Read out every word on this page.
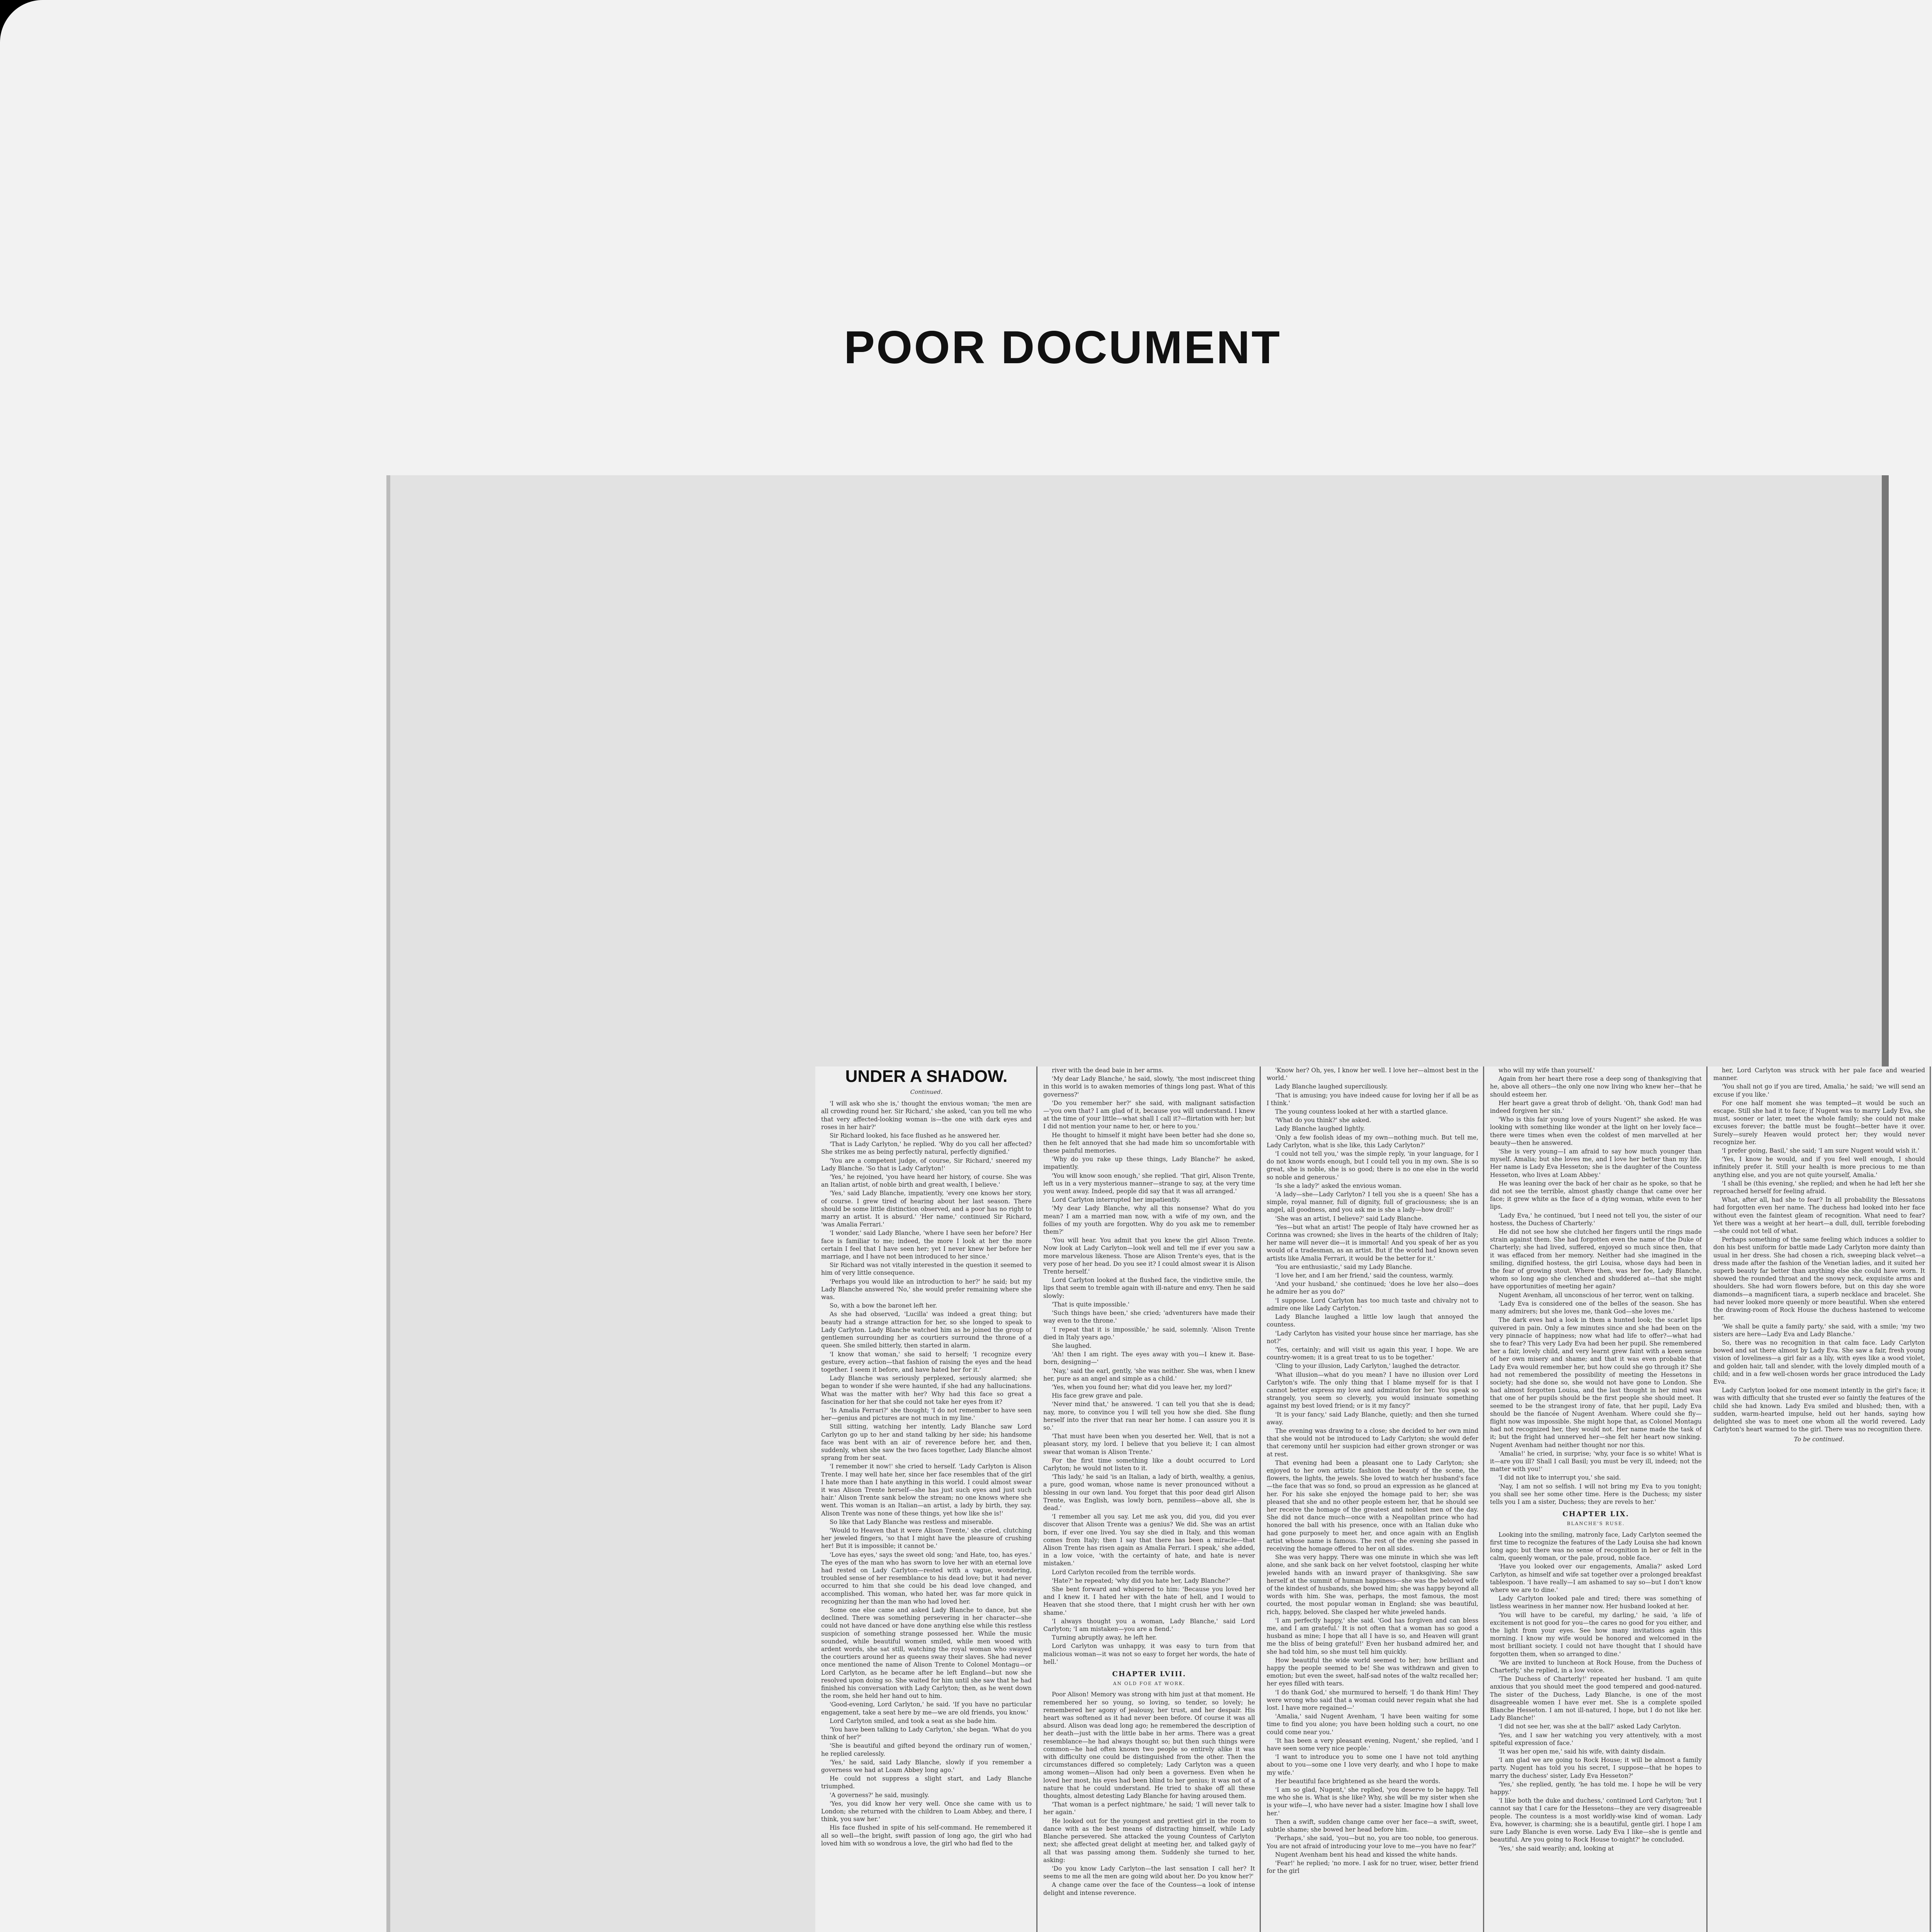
POOR DOCUMENT
UNDER A SHADOW.
Continued.

'I will ask who she is,' thought the envious woman; 'the men are all crowding round her. Sir Richard,' she asked, 'can you tell me who that very affected-looking woman is—the one with dark eyes and roses in her hair?'

Sir Richard looked, his face flushed as he answered her.

'That is Lady Carlyton,' he replied. 'Why do you call her affected? She strikes me as being perfectly natural, perfectly dignified.'

'You are a competent judge, of course, Sir Richard,' sneered my Lady Blanche. 'So that is Lady Carlyton!'

'Yes,' he rejoined, 'you have heard her history, of course. She was an Italian artist, of noble birth and great wealth, I believe.'

'Yes,' said Lady Blanche, impatiently, 'every one knows her story, of course. I grew tired of hearing about her last season. There should be some little distinction observed, and a poor has no right to marry an artist. It is absurd.' 'Her name,' continued Sir Richard, 'was Amalia Ferrari.'

'I wonder,' said Lady Blanche, 'where I have seen her before? Her face is familiar to me; indeed, the more I look at her the more certain I feel that I have seen her; yet I never knew her before her marriage, and I have not been introduced to her since.'

Sir Richard was not vitally interested in the question it seemed to him of very little consequence.

'Perhaps you would like an introduction to her?' he said; but my Lady Blanche answered 'No,' she would prefer remaining where she was.

So, with a bow the baronet left her.

As she had observed, 'Lucilla' was indeed a great thing; but beauty had a strange attraction for her, so she longed to speak to Lady Carlyton. Lady Blanche watched him as he joined the group of gentlemen surrounding her as courtiers surround the throne of a queen. She smiled bitterly, then started in alarm.

'I know that woman,' she said to herself; 'I recognize every gesture, every action—that fashion of raising the eyes and the head together. I seem it before, and have hated her for it.'

Lady Blanche was seriously perplexed, seriously alarmed; she began to wonder if she were haunted, if she had any hallucinations. What was the matter with her? Why had this face so great a fascination for her that she could not take her eyes from it?

'Is Amalia Ferrari?' she thought; 'I do not remember to have seen her—genius and pictures are not much in my line.'

Still sitting, watching her intently, Lady Blanche saw Lord Carlyton go up to her and stand talking by her side; his handsome face was bent with an air of reverence before her, and then, suddenly, when she saw the two faces together, Lady Blanche almost sprang from her seat.

'I remember it now!' she cried to herself. 'Lady Carlyton is Alison Trente. I may well hate her, since her face resembles that of the girl I hate more than I hate anything in this world. I could almost swear it was Alison Trente herself—she has just such eyes and just such hair.' Alison Trente sank below the stream; no one knows where she went. This woman is an Italian—an artist, a lady by birth, they say. Alison Trente was none of these things, yet how like she is!'

So like that Lady Blanche was restless and miserable.

'Would to Heaven that it were Alison Trente,' she cried, clutching her jeweled fingers, 'so that I might have the pleasure of crushing her! But it is impossible; it cannot be.'

'Love has eyes,' says the sweet old song; 'and Hate, too, has eyes.' The eyes of the man who has sworn to love her with an eternal love had rested on Lady Carlyton—rested with a vague, wondering, troubled sense of her resemblance to his dead love; but it had never occurred to him that she could be his dead love changed, and accomplished. This woman, who hated her, was far more quick in recognizing her than the man who had loved her.

Some one else came and asked Lady Blanche to dance, but she declined. There was something persevering in her character—she could not have danced or have done anything else while this restless suspicion of something strange possessed her. While the music sounded, while beautiful women smiled, while men wooed with ardent words, she sat still, watching the royal woman who swayed the courtiers around her as queens sway their slaves. She had never once mentioned the name of Alison Trente to Colonel Montagu—or Lord Carlyton, as he became after he left England—but now she resolved upon doing so. She waited for him until she saw that he had finished his conversation with Lady Carlyton; then, as he went down the room, she held her hand out to him.

'Good-evening, Lord Carlyton,' he said. 'If you have no particular engagement, take a seat here by me—we are old friends, you know.'

Lord Carlyton smiled, and took a seat as she bade him.

'You have been talking to Lady Carlyton,' she began. 'What do you think of her?'

'She is beautiful and gifted beyond the ordinary run of women,' he replied carelessly.

'Yes,' he said, said Lady Blanche, slowly if you remember a governess we had at Loam Abbey long ago.'

He could not suppress a slight start, and Lady Blanche triumphed.

'A governess?' he said, musingly.

'Yes, you did know her very well. Once she came with us to London; she returned with the children to Loam Abbey, and there, I think, you saw her.'

His face flushed in spite of his self-command. He remembered it all so well—the bright, swift passion of long ago, the girl who had loved him with so wondrous a love, the girl who had fled to the

river with the dead baie in her arms.

'My dear Lady Blanche,' he said, slowly, 'the most indiscreet thing in this world is to awaken memories of things long past. What of this governess?'

'Do you remember her?' she said, with malignant satisfaction—'you own that? I am glad of it, because you will understand. I knew at the time of your little—what shall I call it?—flirtation with her; but I did not mention your name to her, or here to you.'

He thought to himself it might have been better had she done so, then he felt annoyed that she had made him so uncomfortable with these painful memories.

'Why do you rake up these things, Lady Blanche?' he asked, impatiently.

'You will know soon enough,' she replied. 'That girl, Alison Trente, left us in a very mysterious manner—strange to say, at the very time you went away. Indeed, people did say that it was all arranged.'

Lord Carlyton interrupted her impatiently.

'My dear Lady Blanche, why all this nonsense? What do you mean? I am a married man now, with a wife of my own, and the follies of my youth are forgotten. Why do you ask me to remember them?'

'You will hear. You admit that you knew the girl Alison Trente. Now look at Lady Carlyton—look well and tell me if ever you saw a more marvelous likeness. Those are Alison Trente's eyes, that is the very pose of her head. Do you see it? I could almost swear it is Alison Trente herself.'

Lord Carlyton looked at the flushed face, the vindictive smile, the lips that seem to tremble again with ill-nature and envy. Then he said slowly:

'That is quite impossible.'

'Such things have been,' she cried; 'adventurers have made their way even to the throne.'

'I repeat that it is impossible,' he said, solemnly. 'Alison Trente died in Italy years ago.'

She laughed.

'Ah! then I am right. The eyes away with you—I knew it. Base-born, designing—'

'Nay,' said the earl, gently, 'she was neither. She was, when I knew her, pure as an angel and simple as a child.'

'Yes, when you found her; what did you leave her, my lord?'

His face grew grave and pale.

'Never mind that,' he answered. 'I can tell you that she is dead; nay, more, to convince you I will tell you how she died. She flung herself into the river that ran near her home. I can assure you it is so.'

'That must have been when you deserted her. Well, that is not a pleasant story, my lord. I believe that you believe it; I can almost swear that woman is Alison Trente.'

For the first time something like a doubt occurred to Lord Carlyton; he would not listen to it.

'This lady,' he said 'is an Italian, a lady of birth, wealthy, a genius, a pure, good woman, whose name is never pronounced without a blessing in our own land. You forget that this poor dead girl Alison Trente, was English, was lowly born, penniless—above all, she is dead.'

'I remember all you say. Let me ask you, did you, did you ever discover that Alison Trente was a genius? We did. She was an artist born, if ever one lived. You say she died in Italy, and this woman comes from Italy; then I say that there has been a miracle—that Alison Trente has risen again as Amalia Ferrari. I speak,' she added, in a low voice, 'with the certainty of hate, and hate is never mistaken.'

Lord Carlyton recoiled from the terrible words.

'Hate?' he repeated; 'why did you hate her, Lady Blanche?'

She bent forward and whispered to him: 'Because you loved her and I knew it. I hated her with the hate of hell, and I would to Heaven that she stood there, that I might crush her with her own shame.'

'I always thought you a woman, Lady Blanche,' said Lord Carlyton; 'I am mistaken—you are a fiend.'

Turning abruptly away, he left her.

Lord Carlyton was unhappy, it was easy to turn from that malicious woman—it was not so easy to forget her words, the hate of hell.'

CHAPTER LVIII.
AN OLD FOE AT WORK.

Poor Alison! Memory was strong with him just at that moment. He remembered her so young, so loving, so tender, so lovely; he remembered her agony of jealousy, her trust, and her despair. His heart was softened as it had never been before. Of course it was all absurd. Alison was dead long ago; he remembered the description of her death—just with the little babe in her arms. There was a great resemblance—he had always thought so; but then such things were common—he had often known two people so entirely alike it was with difficulty one could be distinguished from the other. Then the circumstances differed so completely; Lady Carlyton was a queen among women—Alison had only been a governess. Even when he loved her most, his eyes had been blind to her genius; it was not of a nature that he could understand. He tried to shake off all these thoughts, almost detesting Lady Blanche for having aroused them.

'That woman is a perfect nightmare,' he said; 'I will never talk to her again.'

He looked out for the youngest and prettiest girl in the room to dance with as the best means of distracting himself, while Lady Blanche persevered. She attacked the young Countess of Carlyton next; she affected great delight at meeting her, and talked gayly of all that was passing among them. Suddenly she turned to her, asking:

'Do you know Lady Carlyton—the last sensation I call her? It seems to me all the men are going wild about her. Do you know her?'

A change came over the face of the Countess—a look of intense delight and intense reverence.

'Know her? Oh, yes, I know her well. I love her—almost best in the world.'

Lady Blanche laughed superciliously.

'That is amusing; you have indeed cause for loving her if all be as I think.'

The young countess looked at her with a startled glance.

'What do you think?' she asked.

Lady Blanche laughed lightly.

'Only a few foolish ideas of my own—nothing much. But tell me, Lady Carlyton, what is she like, this Lady Carlyton?'

'I could not tell you,' was the simple reply, 'in your language, for I do not know words enough, but I could tell you in my own. She is so great, she is noble, she is so good; there is no one else in the world so noble and generous.'

'Is she a lady?' asked the envious woman.

'A lady—she—Lady Carlyton? I tell you she is a queen! She has a simple, royal manner, full of dignity, full of graciousness; she is an angel, all goodness, and you ask me is she a lady—how droll!'

'She was an artist, I believe?' said Lady Blanche.

'Yes—but what an artist! The people of Italy have crowned her as Corinna was crowned; she lives in the hearts of the children of Italy; her name will never die—it is immortal! And you speak of her as you would of a tradesman, as an artist. But if the world had known seven artists like Amalia Ferrari, it would be the better for it.'

'You are enthusiastic,' said my Lady Blanche.

'I love her, and I am her friend,' said the countess, warmly.

'And your husband,' she continued; 'does he love her also—does he admire her as you do?'

'I suppose. Lord Carlyton has too much taste and chivalry not to admire one like Lady Carlyton.'

Lady Blanche laughed a little low laugh that annoyed the countess.

'Lady Carlyton has visited your house since her marriage, has she not?'

'Yes, certainly; and will visit us again this year, I hope. We are country-women; it is a great treat to us to be together.'

'Cling to your illusion, Lady Carlyton,' laughed the detractor.

'What illusion—what do you mean? I have no illusion over Lord Carlyton's wife. The only thing that I blame myself for is that I cannot better express my love and admiration for her. You speak so strangely, you seem so cleverly, you would insinuate something against my best loved friend; or is it my fancy?'

'It is your fancy,' said Lady Blanche, quietly; and then she turned away.

The evening was drawing to a close; she decided to her own mind that she would not be introduced to Lady Carlyton; she would defer that ceremony until her suspicion had either grown stronger or was at rest.

That evening had been a pleasant one to Lady Carlyton; she enjoyed to her own artistic fashion the beauty of the scene, the flowers, the lights, the jewels. She loved to watch her husband's face—the face that was so fond, so proud an expression as he glanced at her. For his sake she enjoyed the homage paid to her; she was pleased that she and no other people esteem her, that he should see her receive the homage of the greatest and noblest men of the day. She did not dance much—once with a Neapolitan prince who had honored the ball with his presence, once with an Italian duke who had gone purposely to meet her, and once again with an English artist whose name is famous. The rest of the evening she passed in receiving the homage offered to her on all sides.

She was very happy. There was one minute in which she was left alone, and she sank back on her velvet footstool, clasping her white jeweled hands with an inward prayer of thanksgiving. She saw herself at the summit of human happiness—she was the beloved wife of the kindest of husbands, she bowed him; she was happy beyond all words with him. She was, perhaps, the most famous, the most courted, the most popular woman in England; she was beautiful, rich, happy, beloved. She clasped her white jeweled hands.

'I am perfectly happy,' she said. 'God has forgiven and can bless me, and I am grateful.' It is not often that a woman has so good a husband as mine; I hope that all I have is so, and Heaven will grant me the bliss of being grateful!' Even her husband admired her, and she had told him, so she must tell him quickly.

How beautiful the wide world seemed to her; how brilliant and happy the people seemed to be! She was withdrawn and given to emotion; but even the sweet, half-sad notes of the waltz recalled her; her eyes filled with tears.

'I do thank God,' she murmured to herself; 'I do thank Him! They were wrong who said that a woman could never regain what she had lost. I have more regained—'

'Amalia,' said Nugent Avenham, 'I have been waiting for some time to find you alone; you have been holding such a court, no one could come near you.'

'It has been a very pleasant evening, Nugent,' she replied, 'and I have seen some very nice people.'

'I want to introduce you to some one I have not told anything about to you—some one I love very dearly, and who I hope to make my wife.'

Her beautiful face brightened as she heard the words.

'I am so glad, Nugent,' she replied, 'you deserve to be happy. Tell me who she is. What is she like? Why, she will be my sister when she is your wife—I, who have never had a sister. Imagine how I shall love her.'

Then a swift, sudden change came over her face—a swift, sweet, subtle shame; she bowed her head before him.

'Perhaps,' she said, 'you—but no, you are too noble, too generous. You are not afraid of introducing your love to me—you have no fear?'

Nugent Avenham bent his head and kissed the white hands.

'Fear!' he replied; 'no more. I ask for no truer, wiser, better friend for the girl

who will my wife than yourself.'

Again from her heart there rose a deep song of thanksgiving that he, above all others—the only one now living who knew her—that he should esteem her.

Her heart gave a great throb of delight. 'Oh, thank God! man had indeed forgiven her sin.'

'Who is this fair young love of yours Nugent?' she asked. He was looking with something like wonder at the light on her lovely face—there were times when even the coldest of men marvelled at her beauty—then he answered.

'She is very young—I am afraid to say how much younger than myself. Amalia; but she loves me, and I love her better than my life. Her name is Lady Eva Hesseton; she is the daughter of the Countess Hesseton, who lives at Loam Abbey.'

He was leaning over the back of her chair as he spoke, so that he did not see the terrible, almost ghastly change that came over her face; it grew white as the face of a dying woman, white even to her lips.

'Lady Eva,' he continued, 'but I need not tell you, the sister of our hostess, the Duchess of Charterly.'

He did not see how she clutched her fingers until the rings made strain against them. She had forgotten even the name of the Duke of Charterly; she had lived, suffered, enjoyed so much since then, that it was effaced from her memory. Neither had she imagined in the smiling, dignified hostess, the girl Louisa, whose days had been in the fear of growing stout. Where then, was her foe, Lady Blanche, whom so long ago she clenched and shuddered at—that she might have opportunities of meeting her again?

Nugent Avenham, all unconscious of her terror, went on talking.

'Lady Eva is considered one of the belles of the season. She has many admirers; but she loves me, thank God—she loves me.'

The dark eves had a look in them a hunted look; the scarlet lips quivered in pain. Only a few minutes since and she had been on the very pinnacle of happiness; now what had life to offer?—what had she to fear? This very Lady Eva had been her pupil. She remembered her a fair, lovely child, and very learnt grew faint with a keen sense of her own misery and shame; and that it was even probable that Lady Eva would remember her, but how could she go through it? She had not remembered the possibility of meeting the Hessetons in society; had she done so, she would not have gone to London. She had almost forgotten Louisa, and the last thought in her mind was that one of her pupils should be the first people she should meet. It seemed to be the strangest irony of fate, that her pupil, Lady Eva should be the fiancée of Nugent Avenham. Where could she fly—flight now was impossible. She might hope that, as Colonel Montagu had not recognized her, they would not. Her name made the task of it; but the fright had unnerved her—she felt her heart now sinking. Nugent Avenham had neither thought nor nor this.

'Amalia!' he cried, in surprise; 'why, your face is so white! What is it—are you ill? Shall I call Basil; you must be very ill, indeed; not the matter with you!'

'I did not like to interrupt you,' she said.

'Nay, I am not so selfish. I will not bring my Eva to you tonight; you shall see her some other time. Here is the Duchess; my sister tells you I am a sister, Duchess; they are revels to her.'

CHAPTER LIX.
BLANCHE'S RUSE.

Looking into the smiling, matronly face, Lady Carlyton seemed the first time to recognize the features of the Lady Louisa she had known long ago; but there was no sense of recognition in her or felt in the calm, queenly woman, or the pale, proud, noble face.

'Have you looked over our engagements, Amalia?' asked Lord Carlyton, as himself and wife sat together over a prolonged breakfast tablespoon. 'I have really—I am ashamed to say so—but I don't know where we are to dine.'

Lady Carlyton looked pale and tired; there was something of listless weariness in her manner now. Her husband looked at her.

'You will have to be careful, my darling,' he said, 'a life of excitement is not good for you—the cares no good for you either, and the light from your eyes. See how many invitations again this morning. I know my wife would be honored and welcomed in the most brilliant society. I could not have thought that I should have forgotten them, when so arranged to dine.'

'We are invited to luncheon at Rock House, from the Duchess of Charterly,' she replied, in a low voice.

'The Duchess of Charterly!' repeated her husband. 'I am quite anxious that you should meet the good tempered and good-natured. The sister of the Duchess, Lady Blanche, is one of the most disagreeable women I have ever met. She is a complete spoiled Blanche Hesseton. I am not ill-natured, I hope, but I do not like her. Lady Blanche!'

'I did not see her, was she at the ball?' asked Lady Carlyton.

'Yes, and I saw her watching you very attentively, with a most spiteful expression of face.'

'It was her open me,' said his wife, with dainty disdain.

'I am glad we are going to Rock House; it will be almost a family party. Nugent has told you his secret, I suppose—that he hopes to marry the duchess' sister, Lady Eva Hesseton?'

'Yes,' she replied, gently, 'he has told me. I hope he will be very happy.'

'I like both the duke and duchess,' continued Lord Carlyton; 'but I cannot say that I care for the Hessetons—they are very disagreeable people. The countess is a most worldly-wise kind of woman. Lady Eva, however, is charming; she is a beautiful, gentle girl. I hope I am sure Lady Blanche is even worse. Lady Eva I like—she is gentle and beautiful. Are you going to Rock House to-night?' he concluded.

'Yes,' she said wearily; and, looking at

her, Lord Carlyton was struck with her pale face and wearied manner.

'You shall not go if you are tired, Amalia,' he said; 'we will send an excuse if you like.'

For one half moment she was tempted—it would be such an escape. Still she had it to face; if Nugent was to marry Lady Eva, she must, sooner or later, meet the whole family; she could not make excuses forever; the battle must be fought—better have it over. Surely—surely Heaven would protect her; they would never recognize her.

'I prefer going, Basil,' she said; 'I am sure Nugent would wish it.'

'Yes, I know he would, and if you feel well enough, I should infinitely prefer it. Still your health is more precious to me than anything else, and you are not quite yourself, Amalia.'

'I shall be (this evening,' she replied; and when he had left her she reproached herself for feeling afraid.

What, after all, had she to fear? In all probability the Blessatons had forgotten even her name. The duchess had looked into her face without even the faintest gleam of recognition. What need to fear? Yet there was a weight at her heart—a dull, dull, terrible foreboding—she could not tell of what.

Perhaps something of the same feeling which induces a soldier to don his best uniform for battle made Lady Carlyton more dainty than usual in her dress. She had chosen a rich, sweeping black velvet—a dress made after the fashion of the Venetian ladies, and it suited her superb beauty far better than anything else she could have worn. It showed the rounded throat and the snowy neck, exquisite arms and shoulders. She had worn flowers before, but on this day she wore diamonds—a magnificent tiara, a superb necklace and bracelet. She had never looked more queenly or more beautiful. When she entered the drawing-room of Rock House the duchess hastened to welcome her.

'We shall be quite a family party,' she said, with a smile; 'my two sisters are here—Lady Eva and Lady Blanche.'

So, there was no recognition in that calm face. Lady Carlyton bowed and sat there almost by Lady Eva. She saw a fair, fresh young vision of loveliness—a girl fair as a lily, with eyes like a wood violet, and golden hair, tall and slender, with the lovely dimpled mouth of a child; and in a few well-chosen words her grace introduced the Lady Eva.

Lady Carlyton looked for one moment intently in the girl's face; it was with difficulty that she trusted ever so faintly the features of the child she had known. Lady Eva smiled and blushed; then, with a sudden, warm-hearted impulse, held out her hands, saying how delighted she was to meet one whom all the world revered. Lady Carlyton's heart warmed to the girl. There was no recognition there.

To be continued.
